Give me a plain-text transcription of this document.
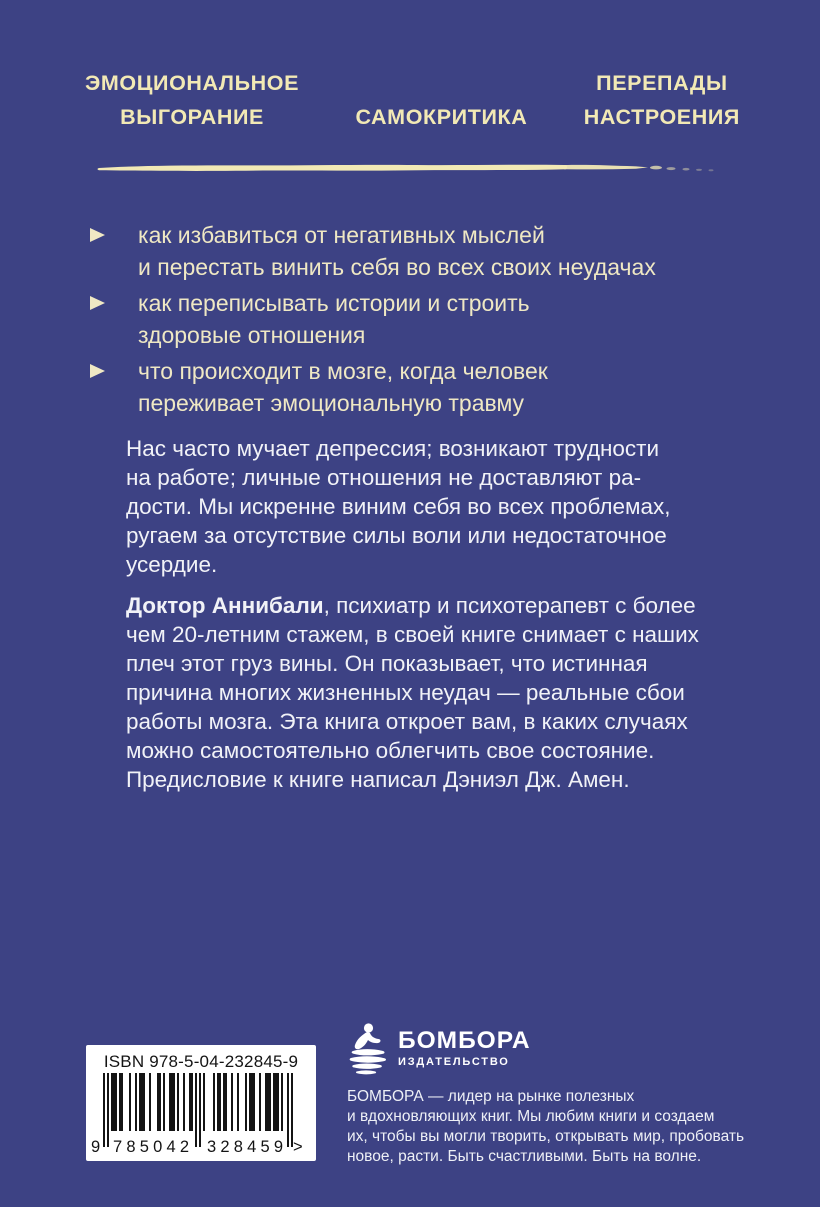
ЭМОЦИОНАЛЬНОЕ
ВЫГОРАНИЕ	САМОКРИТИКА
ПЕРЕПАДЫ
НАСТРОЕНИЯ
как избавиться от негативных мыслей
и перестать винить себя во всех своих неудачах
как переписывать истории и строить
здоровые отношения
что происходит в мозге, когда человек
переживает эмоциональную травму

Нас часто мучает депрессия; возникают трудности
на работе; личные отношения не доставляют ра-
дости. Мы искренне виним себя во всех проблемах,
ругаем за отсутствие силы воли или недостаточное
усердие.

Доктор Аннибали, психиатр и психотерапевт с более
чем 20-летним стажем, в своей книге снимает с наших
плеч этот груз вины. Он показывает, что истинная
причина многих жизненных неудач — реальные сбои
работы мозга. Эта книга откроет вам, в каких случаях
можно самостоятельно облегчить свое состояние.
Предисловие к книге написал Дэниэл Дж. Амен.

ISBN 978-5-04-232845-9
9 785042 328459 >
БОМБОРА
ИЗДАТЕЛЬСТВО

БОМБОРА — лидер на рынке полезных
и вдохновляющих книг. Мы любим книги и создаем
их, чтобы вы могли творить, открывать мир, пробовать
новое, расти. Быть счастливыми. Быть на волне.
